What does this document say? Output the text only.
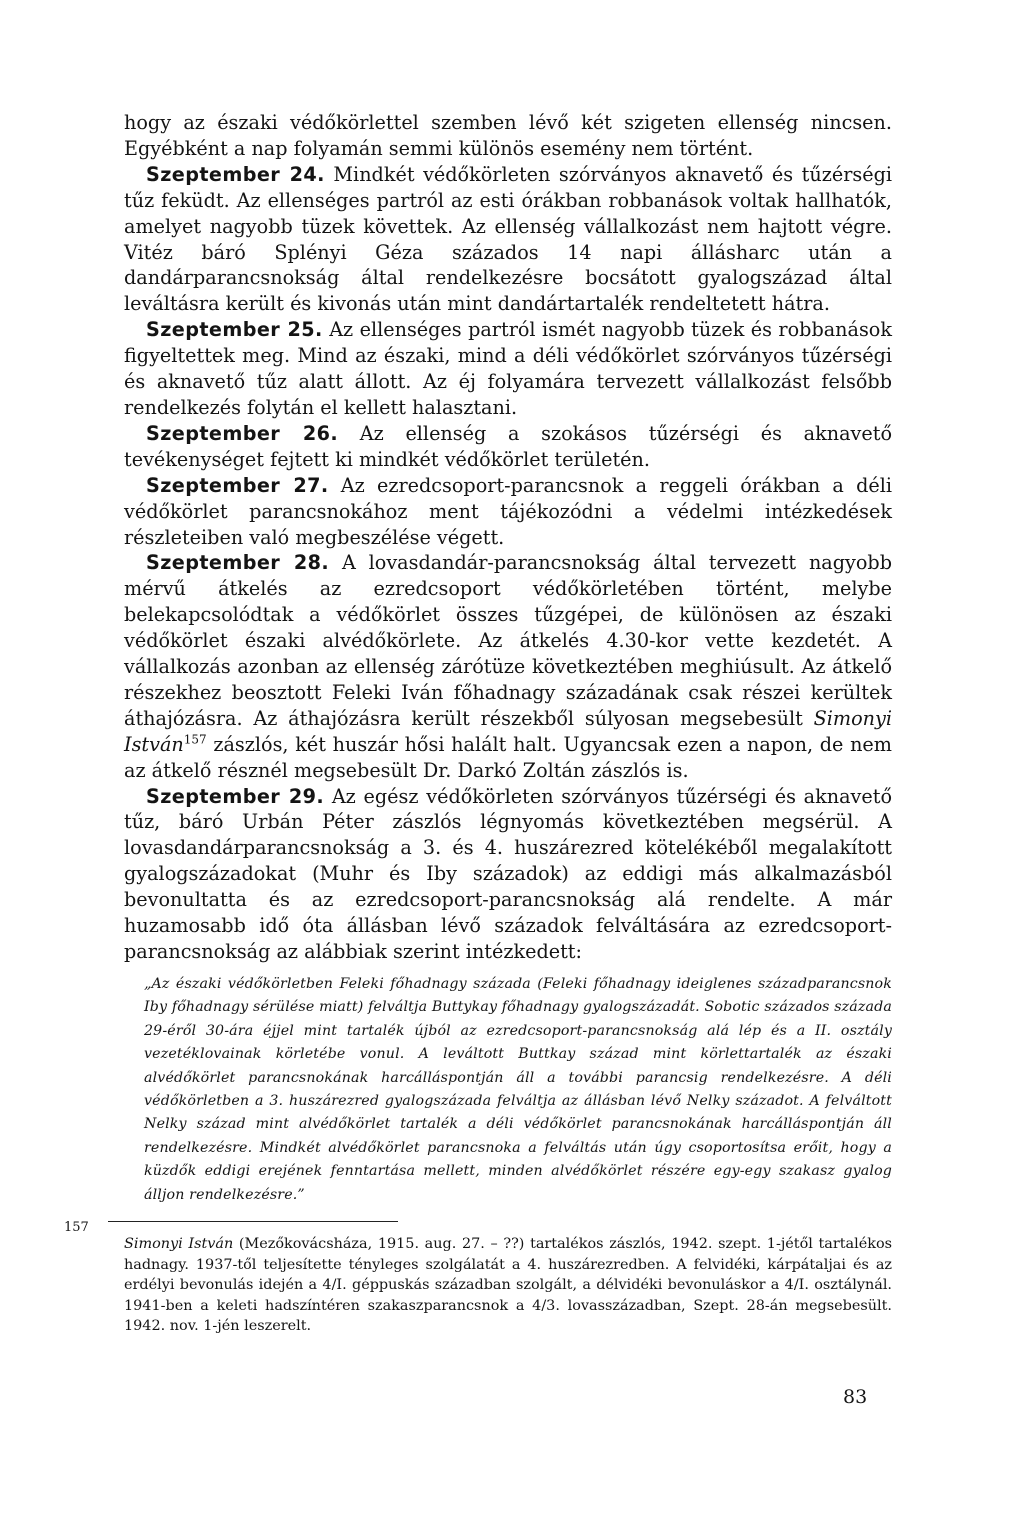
hogy az északi védőkörlettel szemben lévő két szigeten ellenség nincsen. Egyébként a nap folyamán semmi különös esemény nem történt.

Szeptember 24. Mindkét védőkörleten szórványos aknavető és tűzérségi tűz feküdt. Az ellenséges partról az esti órákban robbanások voltak hallhatók, amelyet nagyobb tüzek követtek. Az ellenség vállalkozást nem hajtott végre. Vitéz báró Splényi Géza százados 14 napi állásharc után a dandárparancsnokság által rendelkezésre bocsátott gyalogszázad által leváltásra került és kivonás után mint dandártartalék rendeltetett hátra.

Szeptember 25. Az ellenséges partról ismét nagyobb tüzek és robbanások figyeltettek meg. Mind az északi, mind a déli védőkörlet szórványos tűzérségi és aknavető tűz alatt állott. Az éj folyamára tervezett vállalkozást felsőbb rendelkezés folytán el kellett halasztani.

Szeptember 26. Az ellenség a szokásos tűzérségi és aknavető tevékenységet fejtett ki mindkét védőkörlet területén.

Szeptember 27. Az ezredcsoport-parancsnok a reggeli órákban a déli védőkörlet parancsnokához ment tájékozódni a védelmi intézkedések részleteiben való megbeszélése végett.

Szeptember 28. A lovasdandár-parancsnokság által tervezett nagyobb mérvű átkelés az ezredcsoport védőkörletében történt, melybe belekapcsolódtak a védőkörlet összes tűzgépei, de különösen az északi védőkörlet északi alvédőkörlete. Az átkelés 4.30-kor vette kezdetét. A vállalkozás azonban az ellenség zárótüze következtében meghiúsult. Az átkelő részekhez beosztott Feleki Iván főhadnagy századának csak részei kerültek áthajózásra. Az áthajózásra került részekből súlyosan megsebesült Simonyi István$^{157}$ zászlós, két huszár hősi halált halt. Ugyancsak ezen a napon, de nem az átkelő résznél megsebesült Dr. Darkó Zoltán zászlós is.

Szeptember 29. Az egész védőkörleten szórványos tűzérségi és aknavető tűz, báró Urbán Péter zászlós légnyomás következtében megsérül. A lovasdandárparancsnokság a 3. és 4. huszárezred kötelékéből megalakított gyalogszázadokat (Muhr és Iby századok) az eddigi más alkalmazásból bevonultatta és az ezredcsoport-parancsnokság alá rendelte. A már huzamosabb idő óta állásban lévő századok felváltására az ezredcsoport-parancsnokság az alábbiak szerint intézkedett:

„Az északi védőkörletben Feleki főhadnagy százada (Feleki főhadnagy ideiglenes századparancsnok Iby főhadnagy sérülése miatt) felváltja Buttykay főhadnagy gyalogszázadát. Sobotic százados százada 29-éről 30-ára éjjel mint tartalék újból az ezredcsoport-parancsnokság alá lép és a II. osztály vezetéklovainak körletébe vonul. A leváltott Buttkay század mint körlettartalék az északi alvédőkörlet parancsnokának harcálláspontján áll a további parancsig rendelkezésre. A déli védőkörletben a 3. huszárezred gyalogszázada felváltja az állásban lévő Nelky századot. A felváltott Nelky század mint alvédőkörlet tartalék a déli védőkörlet parancsnokának harcálláspontján áll rendelkezésre. Mindkét alvédőkörlet parancsnoka a felváltás után úgy csoportosítsa erőit, hogy a küzdők eddigi erejének fenntartása mellett, minden alvédőkörlet részére egy-egy szakasz gyalog álljon rendelkezésre.”
157
Simonyi István (Mezőkovácsháza, 1915. aug. 27. – ??) tartalékos zászlós, 1942. szept. 1-jétől tartalékos hadnagy. 1937-től teljesítette tényleges szolgálatát a 4. huszárezredben. A felvidéki, kárpátaljai és az erdélyi bevonulás idején a 4/I. géppuskás században szolgált, a délvidéki bevonuláskor a 4/I. osztálynál. 1941-ben a keleti hadszíntéren szakaszparancsnok a 4/3. lovasszázadban, Szept. 28-án megsebesült. 1942. nov. 1-jén leszerelt.
83
